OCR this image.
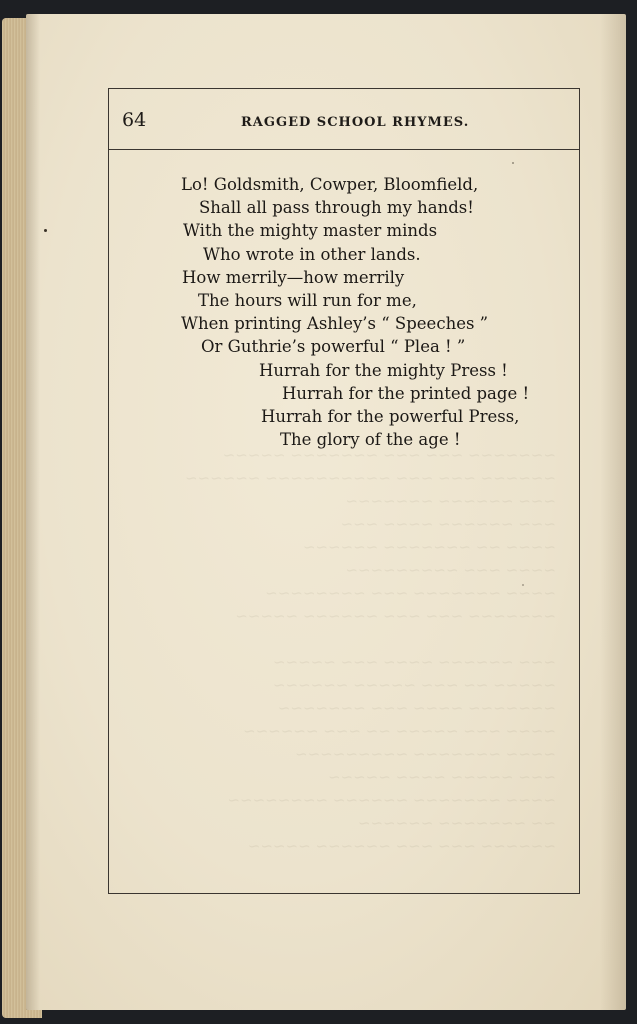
~~~~~~~ ~~~ ~~~ ~~~~~~~ ~~~~~
~~~~~~ ~~~ ~~~ ~~~~~~~~~~ ~~~~~~
~~~ ~~~~~~ ~~~~~~~
~~~ ~~~~~~ ~~~~ ~~~
~~~~ ~~ ~~~~~~~ ~~~~~~
~~~~ ~~~ ~~~~~~~~~
~~~~ ~~~~~~~ ~~~ ~~~~~~~~
~~~~~~~ ~~~ ~~~ ~~~~~~ ~~~~~

~~~ ~~~~~~ ~~~~ ~~~ ~~~~~
~~~~~ ~~ ~~~ ~~~~~ ~~~~~~
~~~~~~~ ~~~~ ~~~ ~~~~~~~
~~~~ ~~~ ~~~~~ ~~ ~~~ ~~~~~~
~~~~ ~~~~~~~ ~~~~~~~~~
~~~ ~~~~~ ~~~~ ~~~~~
~~~~ ~~~~~~~ ~~~~~~ ~~~~~~~~
~~ ~~~~~~~ ~~~~~~
~~~~~~ ~~~ ~~~ ~~~~~~ ~~~~~

64	RAGGED SCHOOL RHYMES.

Lo! Goldsmith, Cowper, Bloomfield,
Shall all pass through my hands!
With the mighty master minds
Who wrote in other lands.
How merrily—how merrily
The hours will run for me,
When printing Ashley’s “ Speeches ”
Or Guthrie’s powerful “ Plea ! ”
Hurrah for the mighty Press !
Hurrah for the printed page !
Hurrah for the powerful Press,
The glory of the age !
